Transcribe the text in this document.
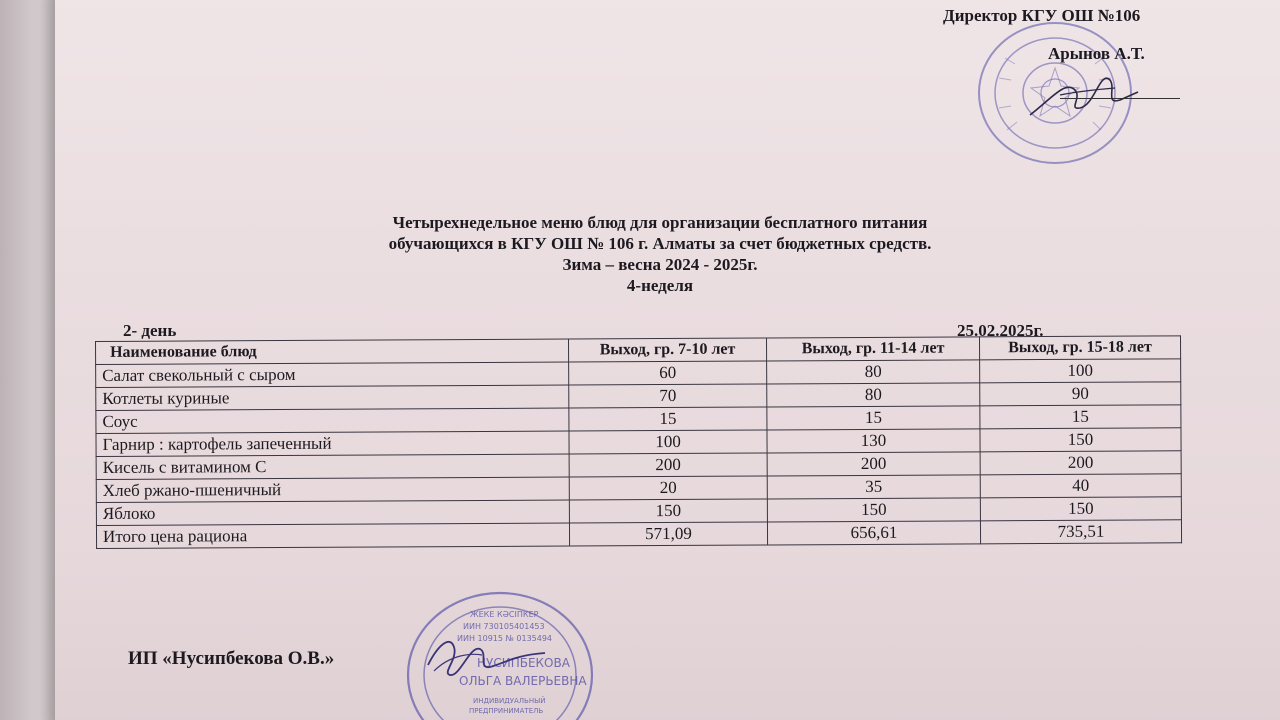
Директор КГУ ОШ №106
Арынов А.Т.
Четырехнедельное меню блюд для организации бесплатного питания
обучающихся в КГУ ОШ № 106 г. Алматы за счет бюджетных средств.
Зима – весна 2024 - 2025г.
4-неделя
2- день	25.02.2025г.
Наименование блюд	Выход, гр. 7-10 лет	Выход, гр. 11-14 лет	Выход, гр. 15-18 лет
Салат свекольный с сыром	60	80	100
Котлеты куриные	70	80	90
Соус	15	15	15
Гарнир : картофель запеченный	100	130	150
Кисель с витамином С	200	200	200
Хлеб ржано-пшеничный	20	35	40
Яблоко	150	150	150
Итого цена рациона	571,09	656,61	735,51
ИП «Нусипбекова О.В.»
ЖЕКЕ КӘСІПКЕР
ИИН 730105401453
ИИН 10915 № 0135494
НУСИПБЕКОВА
ОЛЬГА ВАЛЕРЬЕВНА
ИНДИВИДУАЛЬНЫЙ
ПРЕДПРИНИМАТЕЛЬ
